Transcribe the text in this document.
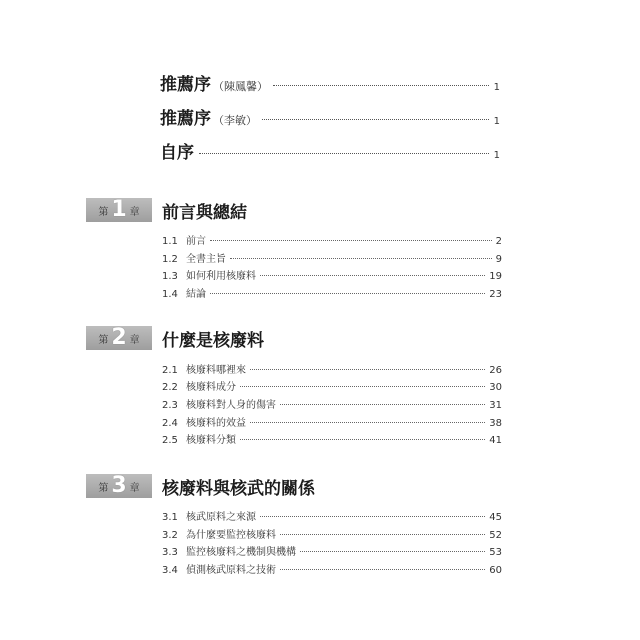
推薦序 （陳鳳馨）	1
推薦序 （李敏）	1
自序	1
第 1 章 前言與總結
1.1 前言	2
1.2 全書主旨	9
1.3 如何利用核廢料	19
1.4 結論	23
第 2 章 什麼是核廢料
2.1 核廢料哪裡來	26
2.2 核廢料成分	30
2.3 核廢料對人身的傷害	31
2.4 核廢料的效益	38
2.5 核廢料分類	41
第 3 章 核廢料與核武的關係
3.1 核武原料之來源	45
3.2 為什麼要監控核廢料	52
3.3 監控核廢料之機制與機構	53
3.4 偵測核武原料之技術	60
